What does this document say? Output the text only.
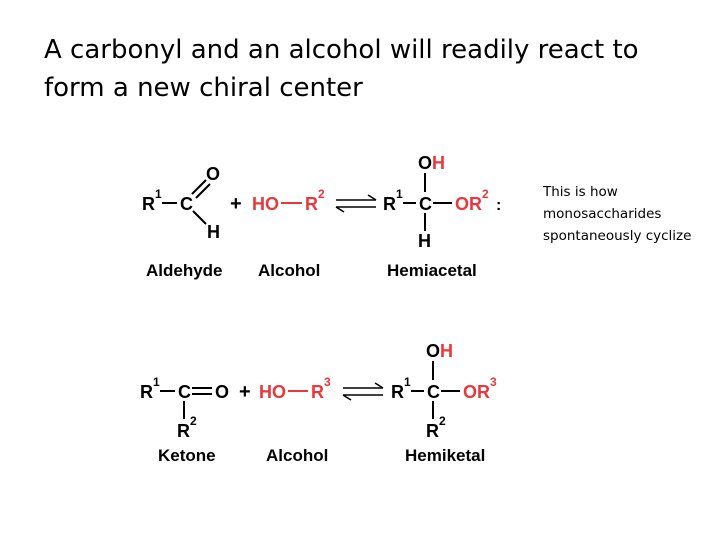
A carbonyl and an alcohol will readily react to form a new chiral center
This is how monosaccharides spontaneously cyclize
R 1 C
O
H
+ HO R 2
O H
R 1 C OR 2
H
:
Aldehyde Alcohol	Hemiacetal
R 1 C O
R 2
+ HO R 3
O H
R 1 C OR 3
R 2
Ketone	Alcohol	Hemiketal
